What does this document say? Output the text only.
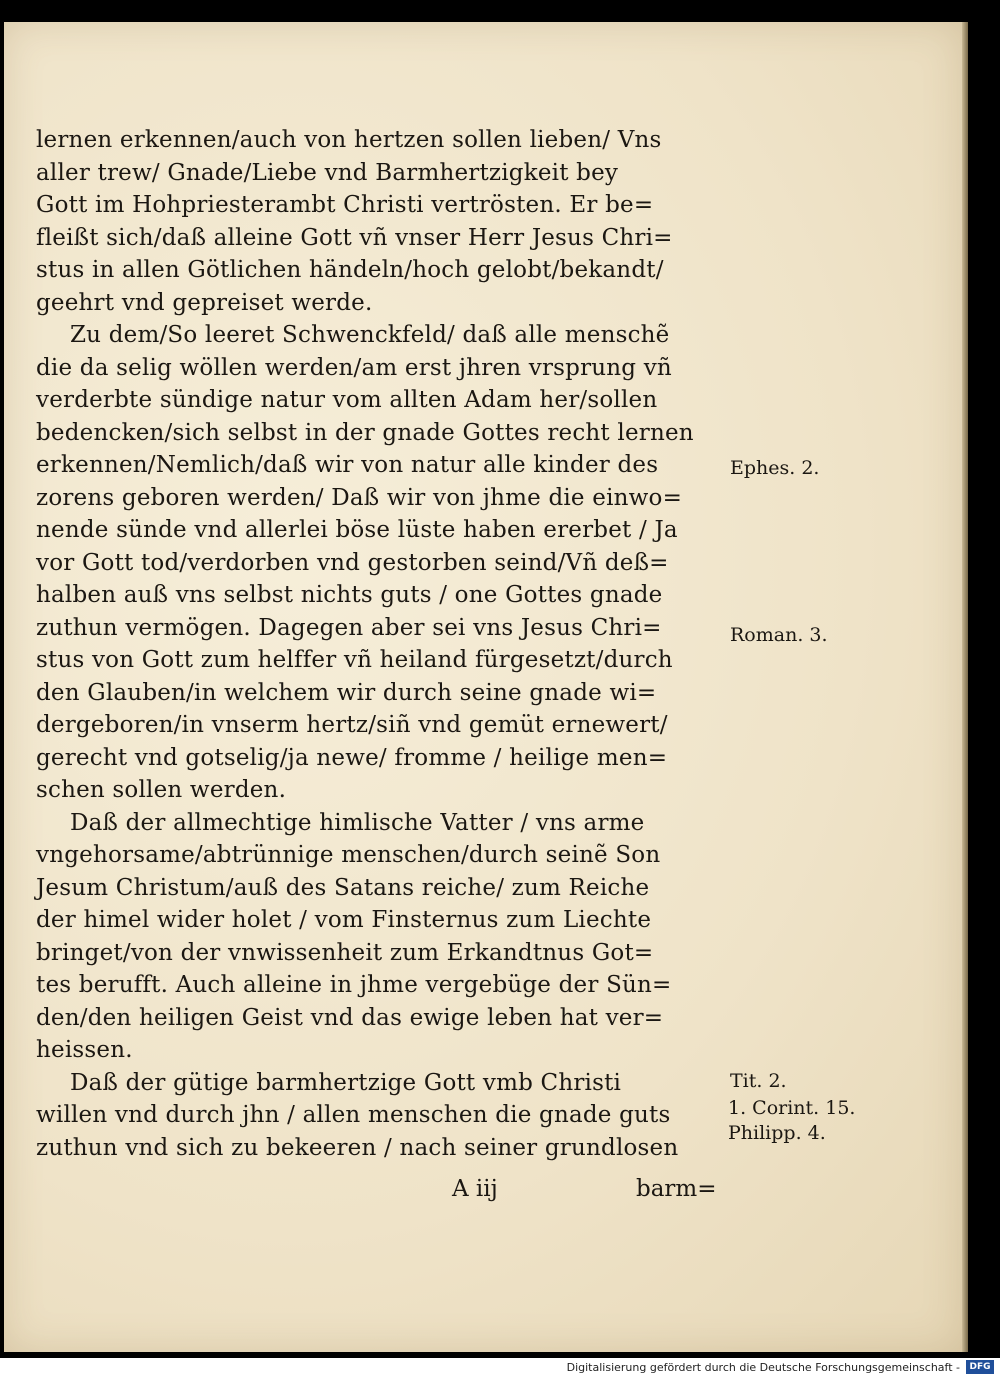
lernen erkennen/auch von hertzen sollen lieben/ Vns
aller trew/ Gnade/Liebe vnd Barmhertzigkeit bey
Gott im Hohpriesterambt Christi vertrösten. Er be=
fleißt sich/daß alleine Gott vñ vnser Herr Jesus Chri=
stus in allen Götlichen händeln/hoch gelobt/bekandt/
geehrt vnd gepreiset werde.
Zu dem/So leeret Schwenckfeld/ daß alle menschẽ
die da selig wöllen werden/am erst jhren vrsprung vñ
verderbte sündige natur vom allten Adam her/sollen
bedencken/sich selbst in der gnade Gottes recht lernen
erkennen/Nemlich/daß wir von natur alle kinder des
zorens geboren werden/ Daß wir von jhme die einwo=
nende sünde vnd allerlei böse lüste haben ererbet / Ja
vor Gott tod/verdorben vnd gestorben seind/Vñ deß=
halben auß vns selbst nichts guts / one Gottes gnade
zuthun vermögen. Dagegen aber sei vns Jesus Chri=
stus von Gott zum helffer vñ heiland fürgesetzt/durch
den Glauben/in welchem wir durch seine gnade wi=
dergeboren/in vnserm hertz/siñ vnd gemüt ernewert/
gerecht vnd gotselig/ja newe/ fromme / heilige men=
schen sollen werden.
Daß der allmechtige himlische Vatter / vns arme
vngehorsame/abtrünnige menschen/durch seinẽ Son
Jesum Christum/auß des Satans reiche/ zum Reiche
der himel wider holet / vom Finsternus zum Liechte
bringet/von der vnwissenheit zum Erkandtnus Got=
tes berufft. Auch alleine in jhme vergebüge der Sün=
den/den heiligen Geist vnd das ewige leben hat ver=
heissen.
Daß der gütige barmhertzige Gott vmb Christi
willen vnd durch jhn / allen menschen die gnade guts
zuthun vnd sich zu bekeeren / nach seiner grundlosen
Ephes. 2.
Roman. 3.
Tit. 2.
1. Corint. 15.
Philipp. 4.
A iij	barm=
Digitalisierung gefördert durch die Deutsche Forschungsgemeinschaft -	DFG
